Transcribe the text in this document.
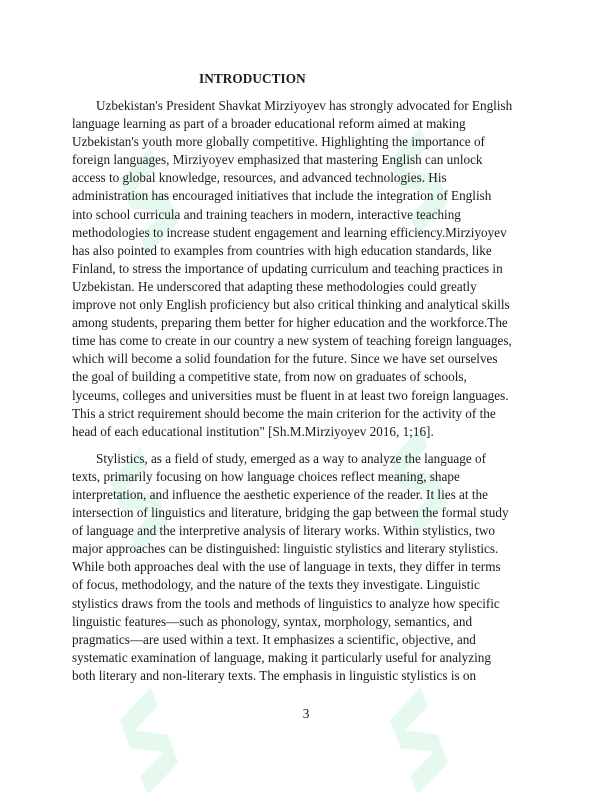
INTRODUCTION
Uzbekistan's President Shavkat Mirziyoyev has strongly advocated for English
language learning as part of a broader educational reform aimed at making
Uzbekistan's youth more globally competitive. Highlighting the importance of
foreign languages, Mirziyoyev emphasized that mastering English can unlock
access to global knowledge, resources, and advanced technologies. His
administration has encouraged initiatives that include the integration of English
into school curricula and training teachers in modern, interactive teaching
methodologies to increase student engagement and learning efficiency.Mirziyoyev
has also pointed to examples from countries with high education standards, like
Finland, to stress the importance of updating curriculum and teaching practices in
Uzbekistan. He underscored that adapting these methodologies could greatly
improve not only English proficiency but also critical thinking and analytical skills
among students, preparing them better for higher education and the workforce.The
time has come to create in our country a new system of teaching foreign languages,
which will become a solid foundation for the future. Since we have set ourselves
the goal of building a competitive state, from now on graduates of schools,
lyceums, colleges and universities must be fluent in at least two foreign languages.
This a strict requirement should become the main criterion for the activity of the
head of each educational institution" [Sh.M.Mirziyoyev 2016, 1;16].
Stylistics, as a field of study, emerged as a way to analyze the language of
texts, primarily focusing on how language choices reflect meaning, shape
interpretation, and influence the aesthetic experience of the reader. It lies at the
intersection of linguistics and literature, bridging the gap between the formal study
of language and the interpretive analysis of literary works. Within stylistics, two
major approaches can be distinguished: linguistic stylistics and literary stylistics.
While both approaches deal with the use of language in texts, they differ in terms
of focus, methodology, and the nature of the texts they investigate. Linguistic
stylistics draws from the tools and methods of linguistics to analyze how specific
linguistic features—such as phonology, syntax, morphology, semantics, and
pragmatics—are used within a text. It emphasizes a scientific, objective, and
systematic examination of language, making it particularly useful for analyzing
both literary and non-literary texts. The emphasis in linguistic stylistics is on
3
